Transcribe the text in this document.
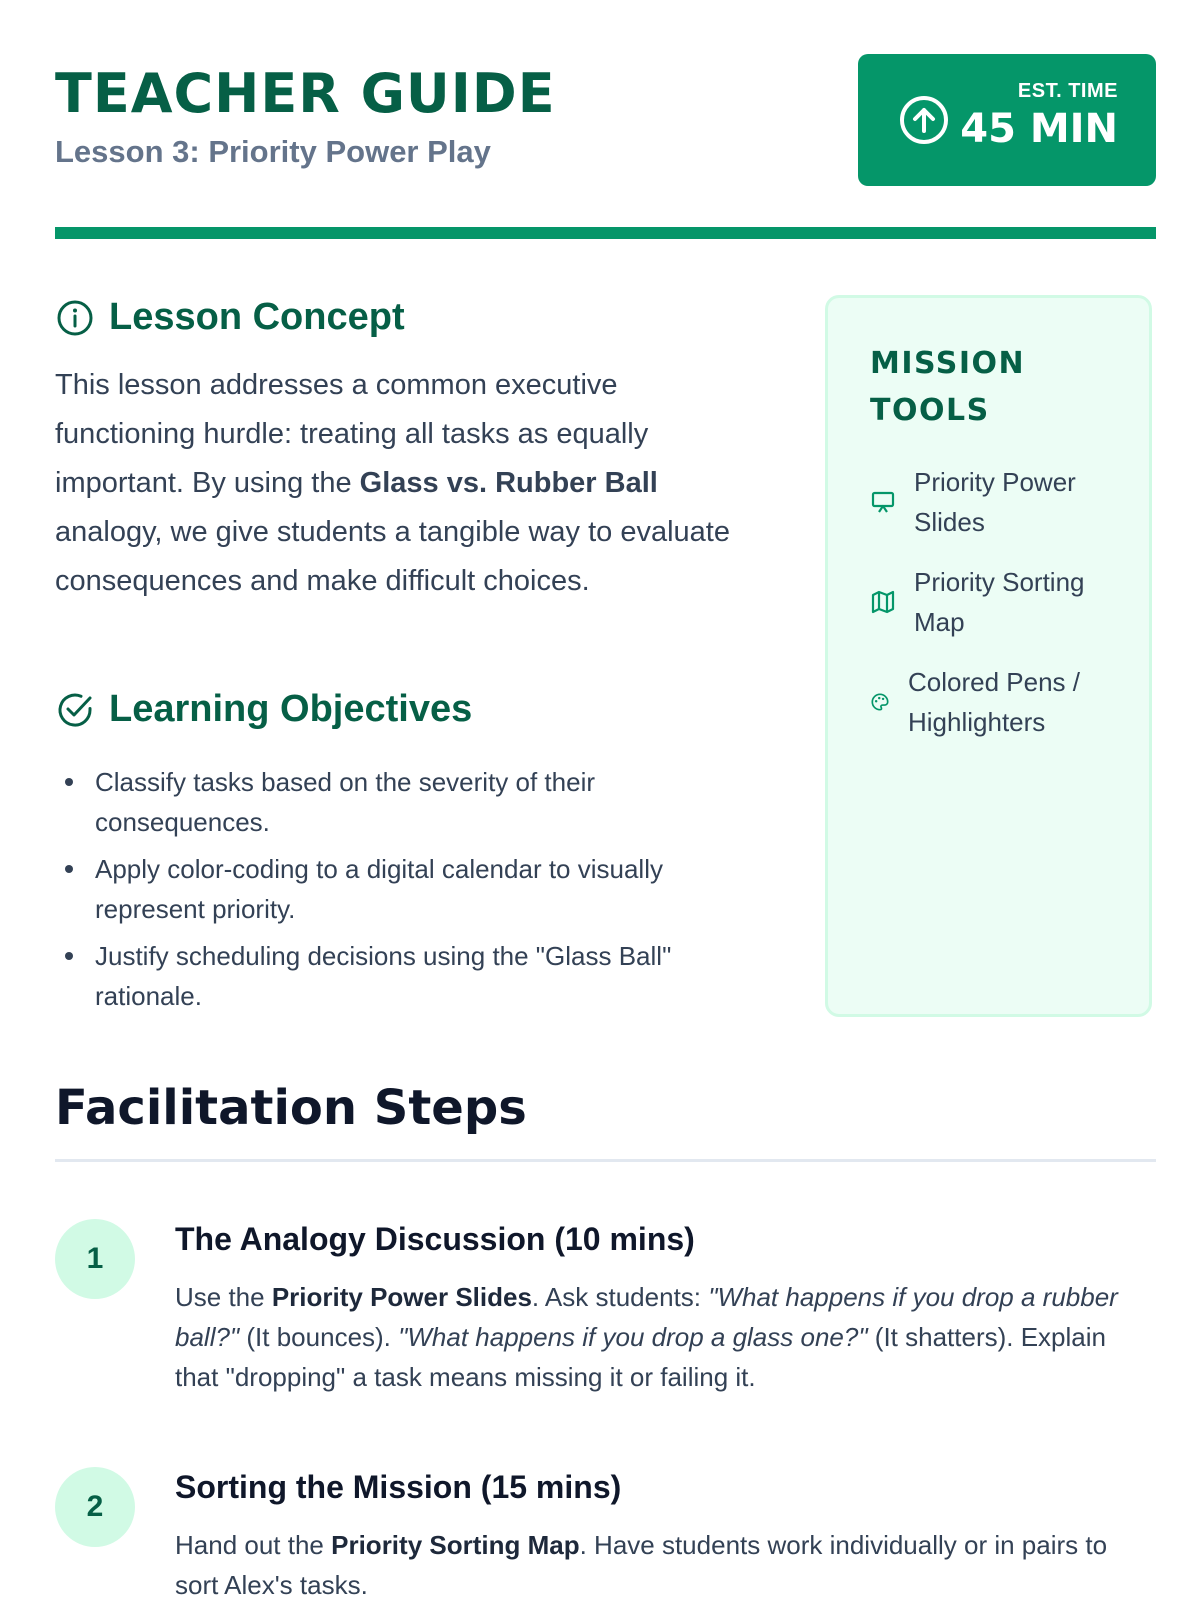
TEACHER GUIDE
Lesson 3: Priority Power Play
EST. TIME
45 MIN
Lesson Concept

This lesson addresses a common executive functioning hurdle: treating all tasks as equally important. By using the Glass vs. Rubber Ball analogy, we give students a tangible way to evaluate consequences and make difficult choices.

Learning Objectives
Classify tasks based on the severity of their consequences.
Apply color-coding to a digital calendar to visually represent priority.
Justify scheduling decisions using the "Glass Ball" rationale.
MISSION TOOLS
Priority Power Slides
Priority Sorting Map
Colored Pens / Highlighters
Facilitation Steps
1
The Analogy Discussion (10 mins)

Use the Priority Power Slides. Ask students: "What happens if you drop a rubber ball?" (It bounces). "What happens if you drop a glass one?" (It shatters). Explain that "dropping" a task means missing it or failing it.

2
Sorting the Mission (15 mins)

Hand out the Priority Sorting Map. Have students work individually or in pairs to sort Alex's tasks.
